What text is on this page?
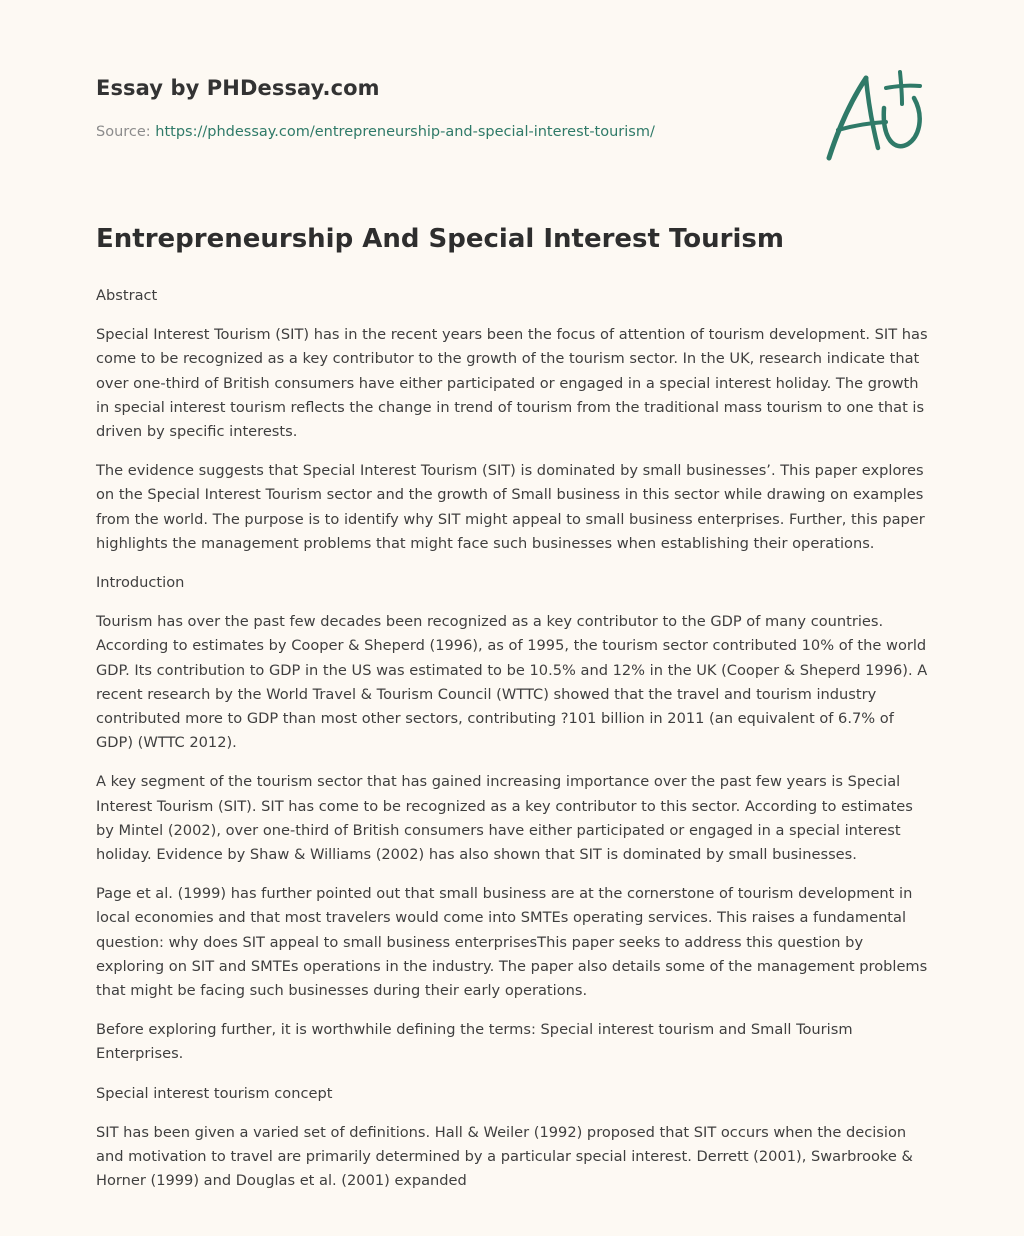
Essay by PHDessay.com
Source: https://phdessay.com/entrepreneurship-and-special-interest-tourism/
Entrepreneurship And Special Interest Tourism

Abstract

Special Interest Tourism (SIT) has in the recent years been the focus of attention of tourism development. SIT has come to be recognized as a key contributor to the growth of the tourism sector. In the UK, research indicate that over one-third of British consumers have either participated or engaged in a special interest holiday. The growth in special interest tourism reflects the change in trend of tourism from the traditional mass tourism to one that is driven by specific interests.

The evidence suggests that Special Interest Tourism (SIT) is dominated by small businesses’. This paper explores on the Special Interest Tourism sector and the growth of Small business in this sector while drawing on examples from the world. The purpose is to identify why SIT might appeal to small business enterprises. Further, this paper highlights the management problems that might face such businesses when establishing their operations.

Introduction

Tourism has over the past few decades been recognized as a key contributor to the GDP of many countries. According to estimates by Cooper & Sheperd (1996), as of 1995, the tourism sector contributed 10% of the world GDP. Its contribution to GDP in the US was estimated to be 10.5% and 12% in the UK (Cooper & Sheperd 1996). A recent research by the World Travel & Tourism Council (WTTC) showed that the travel and tourism industry contributed more to GDP than most other sectors, contributing ?101 billion in 2011 (an equivalent of 6.7% of GDP) (WTTC 2012).

A key segment of the tourism sector that has gained increasing importance over the past few years is Special Interest Tourism (SIT). SIT has come to be recognized as a key contributor to this sector. According to estimates by Mintel (2002), over one-third of British consumers have either participated or engaged in a special interest holiday. Evidence by Shaw & Williams (2002) has also shown that SIT is dominated by small businesses.

Page et al. (1999) has further pointed out that small business are at the cornerstone of tourism development in local economies and that most travelers would come into SMTEs operating services. This raises a fundamental question: why does SIT appeal to small business enterprisesThis paper seeks to address this question by exploring on SIT and SMTEs operations in the industry. The paper also details some of the management problems that might be facing such businesses during their early operations.

Before exploring further, it is worthwhile defining the terms: Special interest tourism and Small Tourism Enterprises.

Special interest tourism concept

SIT has been given a varied set of definitions. Hall & Weiler (1992) proposed that SIT occurs when the decision and motivation to travel are primarily determined by a particular special interest. Derrett (2001), Swarbrooke & Horner (1999) and Douglas et al. (2001) expanded
